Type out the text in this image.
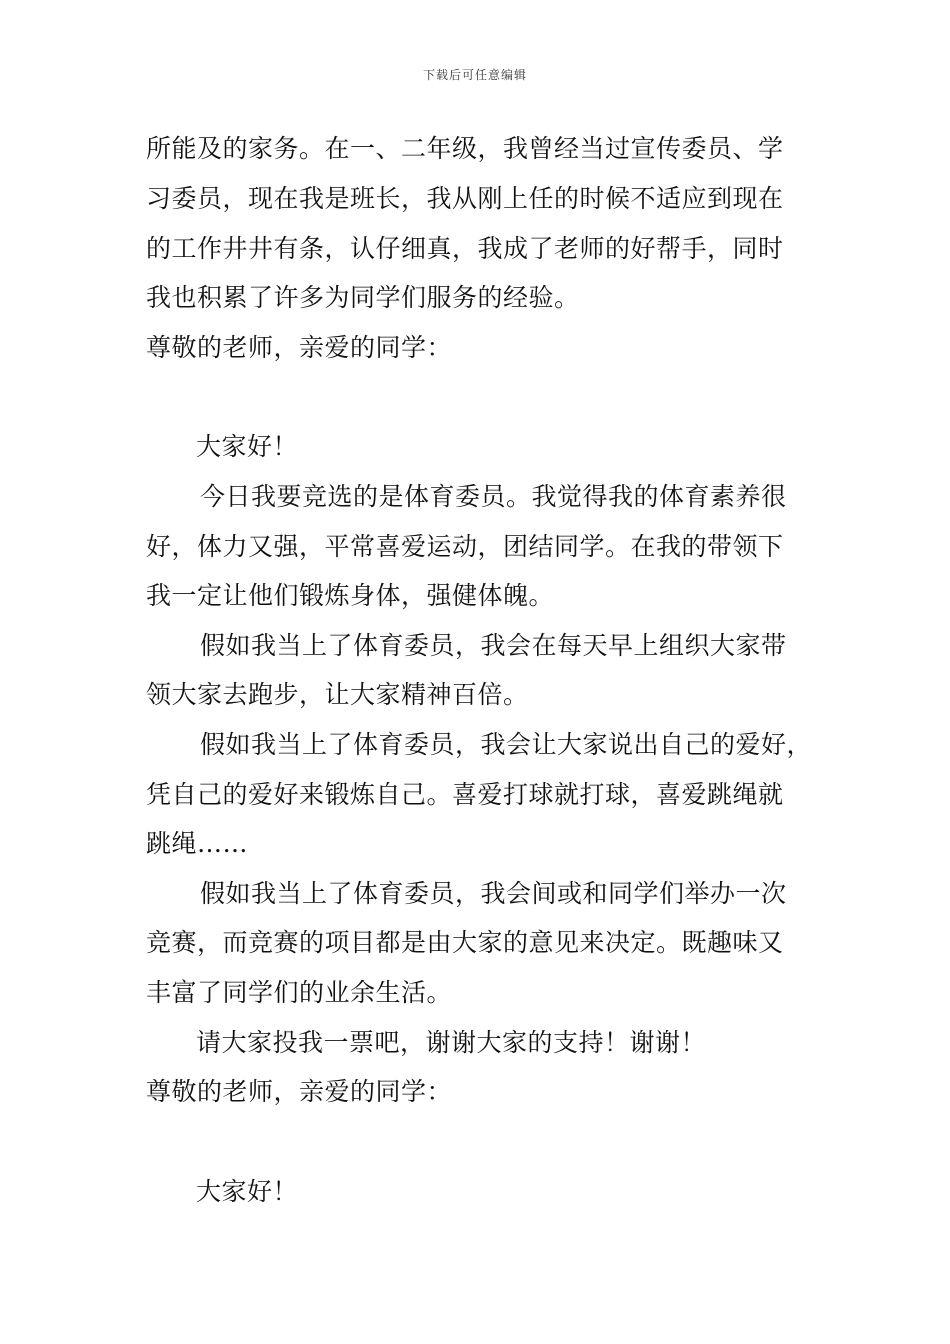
下载后可任意编辑
所能及的家务。在一、二年级，我曾经当过宣传委员、学
习委员，现在我是班长，我从刚上任的时候不适应到现在
的工作井井有条，认仔细真，我成了老师的好帮手，同时
我也积累了许多为同学们服务的经验。
尊敬的老师，亲爱的同学：
大家好！
今日我要竞选的是体育委员。我觉得我的体育素养很
好，体力又强，平常喜爱运动，团结同学。在我的带领下
我一定让他们锻炼身体，强健体魄。
假如我当上了体育委员，我会在每天早上组织大家带
领大家去跑步，让大家精神百倍。
假如我当上了体育委员，我会让大家说出自己的爱好，
凭自己的爱好来锻炼自己。喜爱打球就打球，喜爱跳绳就
跳绳……
假如我当上了体育委员，我会间或和同学们举办一次
竞赛，而竞赛的项目都是由大家的意见来决定。既趣味又
丰富了同学们的业余生活。
请大家投我一票吧，谢谢大家的支持！谢谢！
尊敬的老师，亲爱的同学：
大家好！
